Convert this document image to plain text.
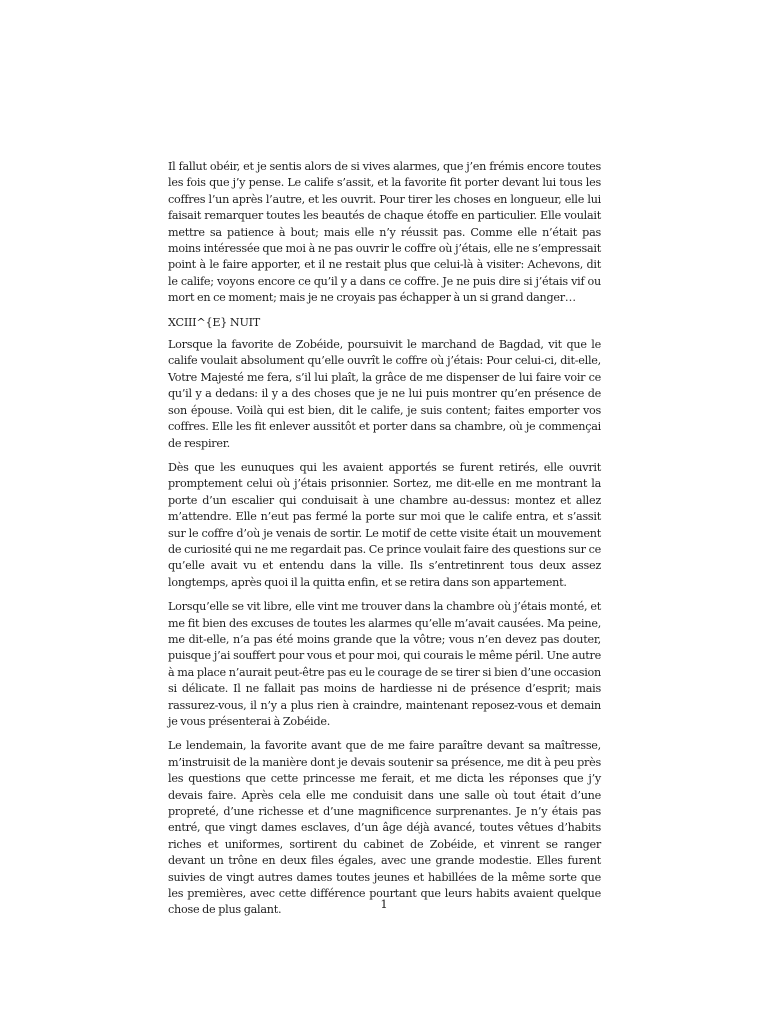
Il fallut obéir, et je sentis alors de si vives alarmes, que j’en frémis encore toutes les fois que j’y pense. Le calife s’assit, et la favorite fit porter devant lui tous les coffres l’un après l’autre, et les ouvrit. Pour tirer les choses en longueur, elle lui faisait remarquer toutes les beautés de chaque étoffe en particulier. Elle voulait mettre sa patience à bout; mais elle n’y réussit pas. Comme elle n’était pas moins intéressée que moi à ne pas ouvrir le coffre où j’étais, elle ne s’empressait point à le faire apporter, et il ne restait plus que celui-là à visiter: Achevons, dit le calife; voyons encore ce qu’il y a dans ce coffre. Je ne puis dire si j’étais vif ou mort en ce moment; mais je ne croyais pas échapper à un si grand danger…

XCIII^{E} NUIT

Lorsque la favorite de Zobéide, poursuivit le marchand de Bagdad, vit que le calife voulait absolument qu’elle ouvrît le coffre où j’étais: Pour celui-ci, dit-elle, Votre Majesté me fera, s’il lui plaît, la grâce de me dispenser de lui faire voir ce qu’il y a dedans: il y a des choses que je ne lui puis montrer qu’en présence de son épouse. Voilà qui est bien, dit le calife, je suis content; faites emporter vos coffres. Elle les fit enlever aussitôt et porter dans sa chambre, où je commençai de respirer.

Dès que les eunuques qui les avaient apportés se furent retirés, elle ouvrit promptement celui où j’étais prisonnier. Sortez, me dit-elle en me montrant la porte d’un escalier qui conduisait à une chambre au-dessus: montez et allez m’attendre. Elle n’eut pas fermé la porte sur moi que le calife entra, et s’assit sur le coffre d’où je venais de sortir. Le motif de cette visite était un mouvement de curiosité qui ne me regardait pas. Ce prince voulait faire des questions sur ce qu’elle avait vu et entendu dans la ville. Ils s’entretinrent tous deux assez longtemps, après quoi il la quitta enfin, et se retira dans son appartement.

Lorsqu’elle se vit libre, elle vint me trouver dans la chambre où j’étais monté, et me fit bien des excuses de toutes les alarmes qu’elle m’avait causées. Ma peine, me dit-elle, n’a pas été moins grande que la vôtre; vous n’en devez pas douter, puisque j’ai souffert pour vous et pour moi, qui courais le même péril. Une autre à ma place n’aurait peut-être pas eu le courage de se tirer si bien d’une occasion si délicate. Il ne fallait pas moins de hardiesse ni de présence d’esprit; mais rassurez-vous, il n’y a plus rien à craindre, maintenant reposez-vous et demain je vous présenterai à Zobéide.

Le lendemain, la favorite avant que de me faire paraître devant sa maîtresse, m’instruisit de la manière dont je devais soutenir sa présence, me dit à peu près les questions que cette princesse me ferait, et me dicta les réponses que j’y devais faire. Après cela elle me conduisit dans une salle où tout était d’une propreté, d’une richesse et d’une magnificence surprenantes. Je n’y étais pas entré, que vingt dames esclaves, d’un âge déjà avancé, toutes vêtues d’habits riches et uniformes, sortirent du cabinet de Zobéide, et vinrent se ranger devant un trône en deux files égales, avec une grande modestie. Elles furent suivies de vingt autres dames toutes jeunes et habillées de la même sorte que les premières, avec cette différence pourtant que leurs habits avaient quelque chose de plus galant.	1
